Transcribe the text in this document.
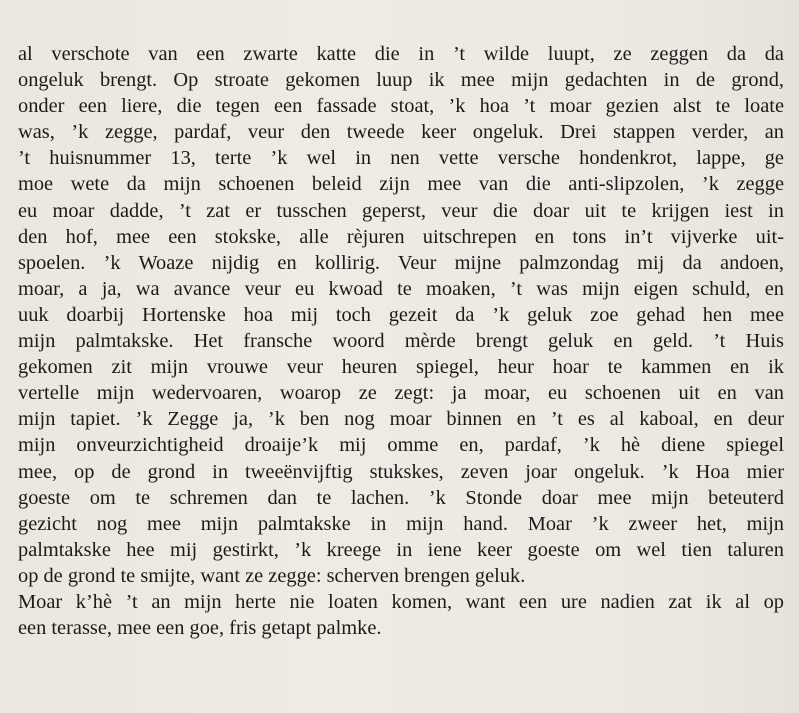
al verschote van een zwarte katte die in ’t wilde luupt, ze zeggen da da
ongeluk brengt. Op stroate gekomen luup ik mee mijn gedachten in de grond,
onder een liere, die tegen een fassade stoat, ’k hoa ’t moar gezien alst te loate
was, ’k zegge, pardaf, veur den tweede keer ongeluk. Drei stappen verder, an
’t huisnummer 13, terte ’k wel in nen vette versche hondenkrot, lappe, ge
moe wete da mijn schoenen beleid zijn mee van die anti-slipzolen, ’k zegge
eu moar dadde, ’t zat er tusschen geperst, veur die doar uit te krijgen iest in
den hof, mee een stokske, alle rèjuren uitschrepen en tons in’t vijverke uit-
spoelen. ’k Woaze nijdig en kollirig. Veur mijne palmzondag mij da andoen,
moar, a ja, wa avance veur eu kwoad te moaken, ’t was mijn eigen schuld, en
uuk doarbij Hortenske hoa mij toch gezeit da ’k geluk zoe gehad hen mee
mijn palmtakske. Het fransche woord mèrde brengt geluk en geld. ’t Huis
gekomen zit mijn vrouwe veur heuren spiegel, heur hoar te kammen en ik
vertelle mijn wedervoaren, woarop ze zegt: ja moar, eu schoenen uit en van
mijn tapiet. ’k Zegge ja, ’k ben nog moar binnen en ’t es al kaboal, en deur
mijn onveurzichtigheid droaije’k mij omme en, pardaf, ’k hè diene spiegel
mee, op de grond in tweeënvijftig stukskes, zeven joar ongeluk. ’k Hoa mier
goeste om te schremen dan te lachen. ’k Stonde doar mee mijn beteuterd
gezicht nog mee mijn palmtakske in mijn hand. Moar ’k zweer het, mijn
palmtakske hee mij gestirkt, ’k kreege in iene keer goeste om wel tien taluren
op de grond te smijte, want ze zegge: scherven brengen geluk.
Moar k’hè ’t an mijn herte nie loaten komen, want een ure nadien zat ik al op
een terasse, mee een goe, fris getapt palmke.
